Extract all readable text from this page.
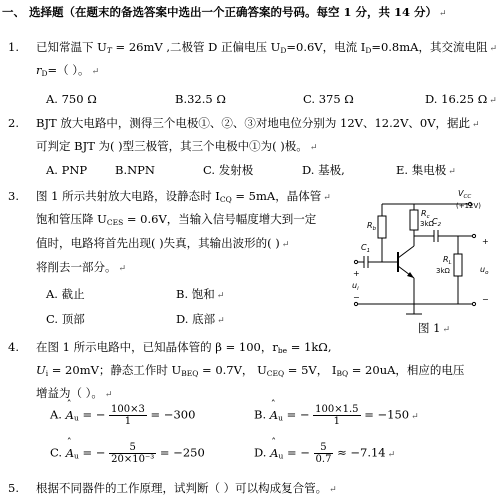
一、 选择题（在题末的备选答案中选出一个正确答案的号码。每空 1 分，共 14 分） ↵
1. 已知常温下 $U_T = 26mV$ ,二极管 D 正偏电压 $U_D=0.6V$，电流 $I_D=0.8mA$，其交流电阻 ↵
$r_D=$（ ）。 ↵
A. 750 Ω	B.32.5 Ω	C. 375 Ω	D. 16.25 Ω ↵
2. BJT 放大电路中，测得三个电极①、②、③对地电位分别为 12V、12.2V、0V，据此 ↵
可判定 BJT 为( )型三极管，其三个电极中①为( )极。 ↵
A. PNP B.NPN	C. 发射极	D. 基极,	E. 集电极 ↵
3. 图 1 所示共射放大电路，设静态时 $I_{CQ} = 5mA$，晶体管 ↵
饱和管压降 $U_{CES} = 0.6V$，当输入信号幅度增大到一定
值时，电路将首先出现( )失真，其输出波形的( ) ↵
将削去一部分。 ↵
A. 截止	B. 饱和 ↵
C. 顶部	D. 底部 ↵
$V_{CC}$
(+12V)
$R_b$
$R_c$
3kΩ
$R_L$
3kΩ
$C_1$
$C_2$
+
−
$u_i$
+
−
$u_o$
图 1 ↵
4. 在图 1 所示电路中，已知晶体管的 β = 100，$r_{be} = 1k\Omega$,
$U_i = 20mV$；静态工作时 $U_{BEQ} = 0.7V$， $U_{CEQ} = 5V$， $I_{BQ} = 20uA$，相应的电压
增益为（ ）。 ↵
A. ˆ $A_u$ = − $\frac{100\times 3}{1} = -300$	B. ˆ $A_u$ = − $\frac{100\times 1.5}{1} = -150$ ↵
C. ˆ $A_u$ = − $\frac{5}{\text{20×10⁻³}} = -250$	D. ˆ $A_u$ = − $\frac{5}{0.7} \approx -7.14$ ↵
5. 根据不同器件的工作原理，试判断（ ）可以构成复合管。 ↵
